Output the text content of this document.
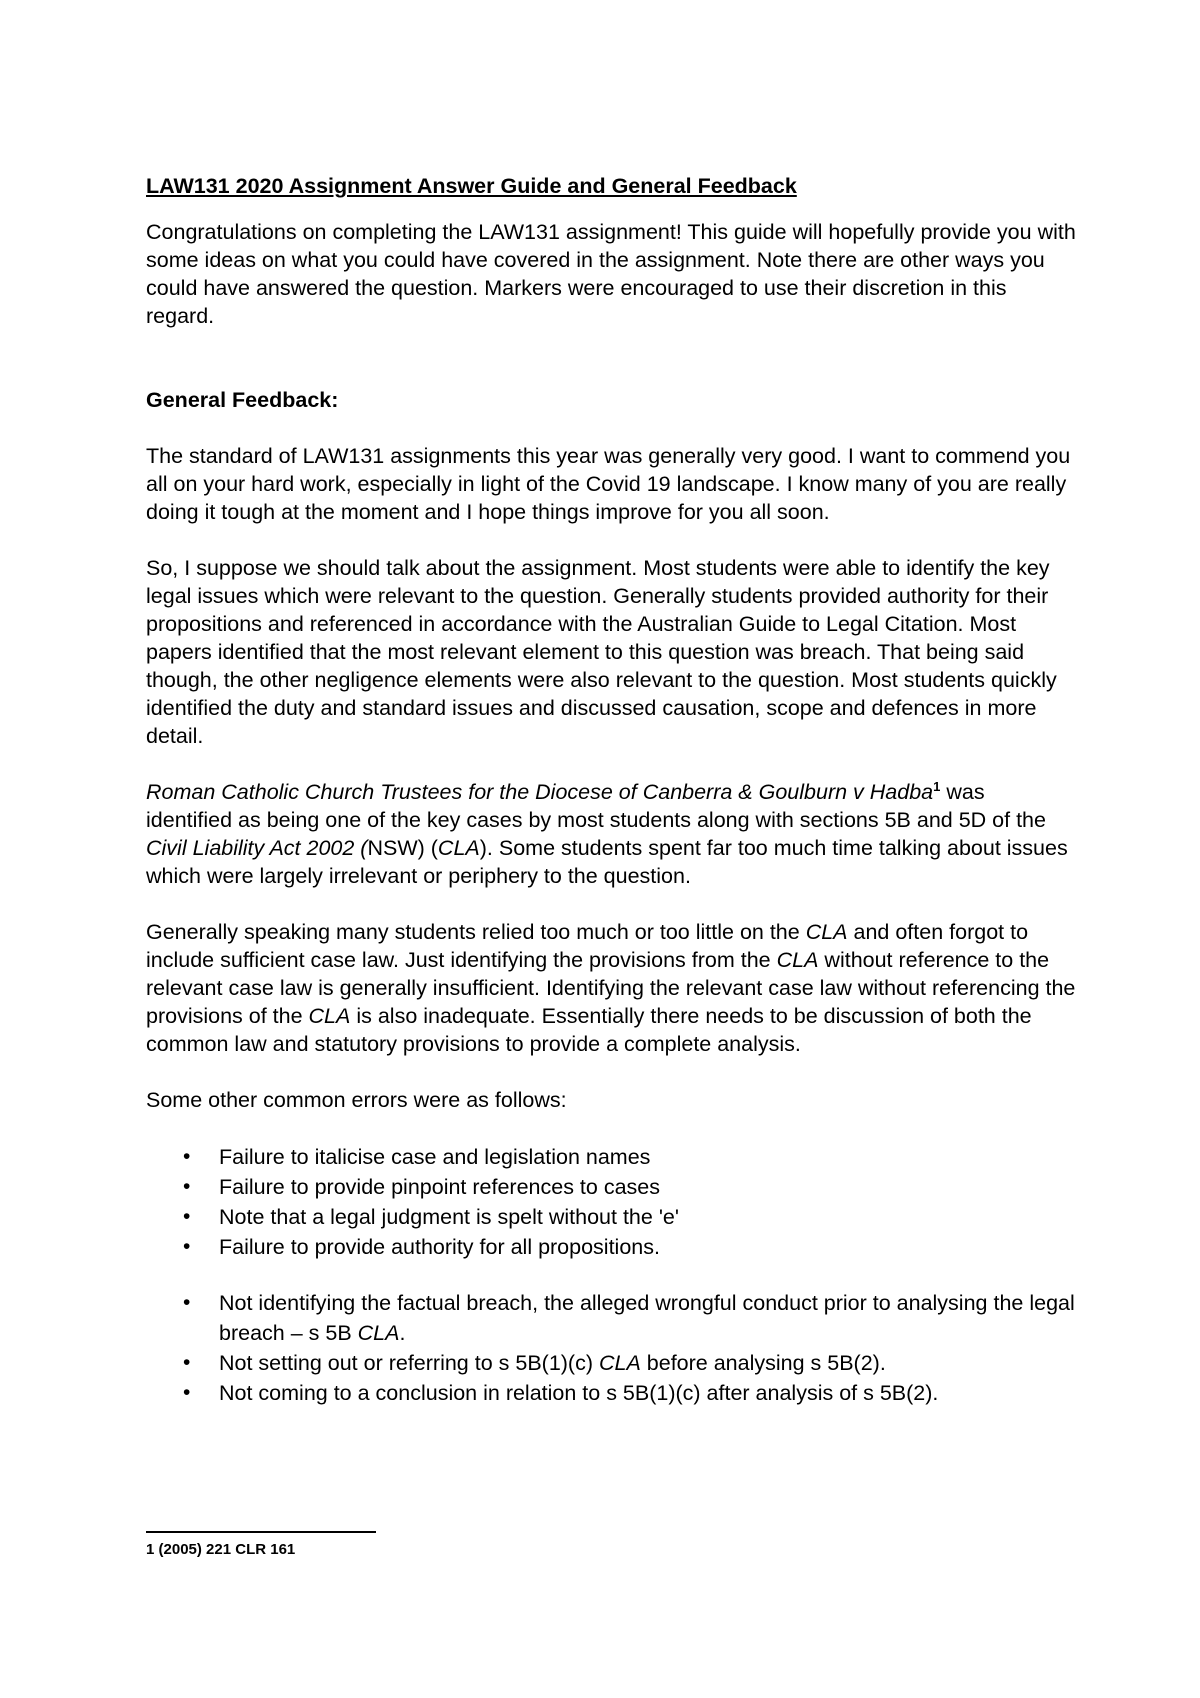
LAW131 2020 Assignment Answer Guide and General Feedback

Congratulations on completing the LAW131 assignment! This guide will hopefully provide you with some ideas on what you could have covered in the assignment. Note there are other ways you could have answered the question. Markers were encouraged to use their discretion in this regard.

General Feedback:

The standard of LAW131 assignments this year was generally very good. I want to commend you all on your hard work, especially in light of the Covid 19 landscape. I know many of you are really doing it tough at the moment and I hope things improve for you all soon.

So, I suppose we should talk about the assignment. Most students were able to identify the key legal issues which were relevant to the question. Generally students provided authority for their propositions and referenced in accordance with the Australian Guide to Legal Citation. Most papers identified that the most relevant element to this question was breach. That being said though, the other negligence elements were also relevant to the question. Most students quickly identified the duty and standard issues and discussed causation, scope and defences in more detail.

Roman Catholic Church Trustees for the Diocese of Canberra & Goulburn v Hadba$^1$ was identified as being one of the key cases by most students along with sections 5B and 5D of the Civil Liability Act 2002 (NSW) (CLA). Some students spent far too much time talking about issues which were largely irrelevant or periphery to the question.

Generally speaking many students relied too much or too little on the CLA and often forgot to include sufficient case law. Just identifying the provisions from the CLA without reference to the relevant case law is generally insufficient. Identifying the relevant case law without referencing the provisions of the CLA is also inadequate. Essentially there needs to be discussion of both the common law and statutory provisions to provide a complete analysis.

Some other common errors were as follows:

• Failure to italicise case and legislation names
• Failure to provide pinpoint references to cases
• Note that a legal judgment is spelt without the 'e'
• Failure to provide authority for all propositions.
• Not identifying the factual breach, the alleged wrongful conduct prior to analysing the legal breach – s 5B CLA.
• Not setting out or referring to s 5B(1)(c) CLA before analysing s 5B(2).
• Not coming to a conclusion in relation to s 5B(1)(c) after analysis of s 5B(2).
1 (2005) 221 CLR 161
